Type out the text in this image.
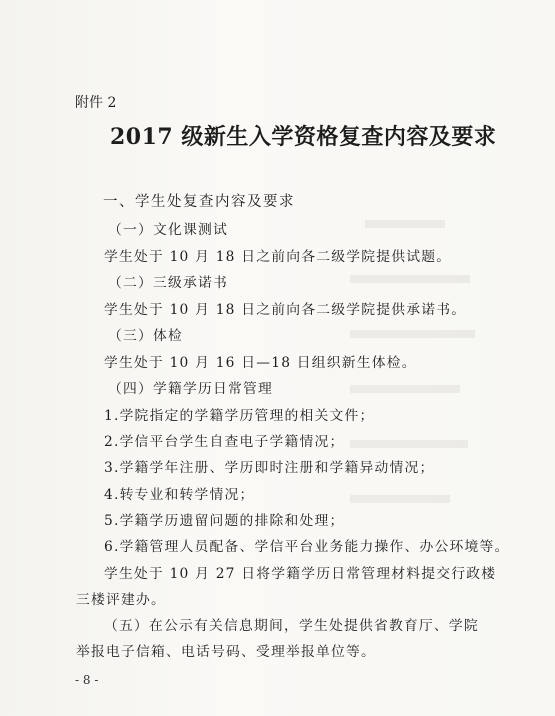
附件 2
2017 级新生入学资格复查内容及要求
一、学生处复查内容及要求
（一）文化课测试
学生处于 10 月 18 日之前向各二级学院提供试题。
（二）三级承诺书
学生处于 10 月 18 日之前向各二级学院提供承诺书。
（三）体检
学生处于 10 月 16 日—18 日组织新生体检。
（四）学籍学历日常管理
1.学院指定的学籍学历管理的相关文件；
2.学信平台学生自查电子学籍情况；
3.学籍学年注册、学历即时注册和学籍异动情况；
4.转专业和转学情况；
5.学籍学历遗留问题的排除和处理；
6.学籍管理人员配备、学信平台业务能力操作、办公环境等。
学生处于 10 月 27 日将学籍学历日常管理材料提交行政楼
三楼评建办。
（五）在公示有关信息期间，学生处提供省教育厅、学院
举报电子信箱、电话号码、受理举报单位等。
- 8 -
